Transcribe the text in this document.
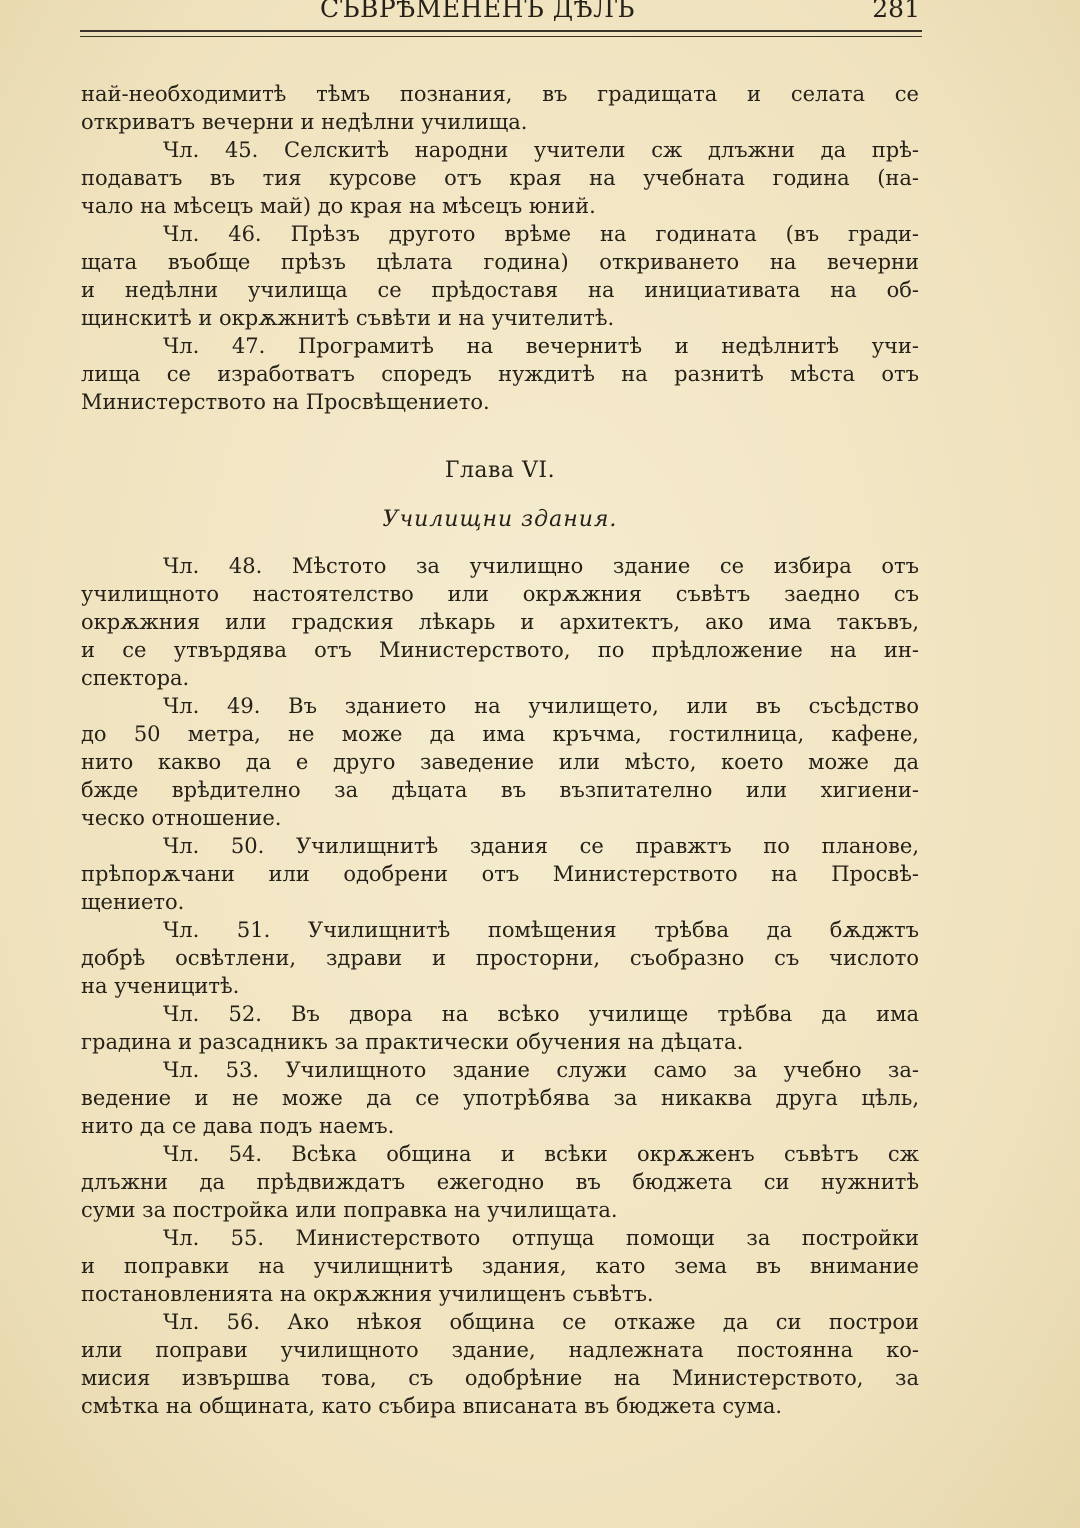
СЪВРѢМЕНЕНЪ ДѢЛЪ	281
най-необходимитѣ тѣмъ познания, въ градищата и селата се
откриватъ вечерни и недѣлни училища.
Чл. 45. Селскитѣ народни учители сж длъжни да прѣ-
подаватъ въ тия курсове отъ края на учебната година (на-
чало на мѣсецъ май) до края на мѣсецъ юний.
Чл. 46. Прѣзъ другото врѣме на годината (въ гради-
щата въобще прѣзъ цѣлата година) откриването на вечерни
и недѣлни училища се прѣдоставя на инициативата на об-
щинскитѣ и окрѫжнитѣ съвѣти и на учителитѣ.
Чл. 47. Програмитѣ на вечернитѣ и недѣлнитѣ учи-
лища се изработватъ споредъ нуждитѣ на разнитѣ мѣста отъ
Министерството на Просвѣщението.
Глава VI.
Училищни здания.
Чл. 48. Мѣстото за училищно здание се избира отъ
училищното настоятелство или окрѫжния съвѣтъ заедно съ
окрѫжния или градския лѣкарь и архитектъ, ако има такъвъ,
и се утвърдява отъ Министерството, по прѣдложение на ин-
спектора.
Чл. 49. Въ зданието на училището, или въ съсѣдство
до 50 метра, не може да има кръчма, гостилница, кафене,
нито какво да е друго заведение или мѣсто, което може да
бжде врѣдително за дѣцата въ възпитателно или хигиени-
ческо отношение.
Чл. 50. Училищнитѣ здания се правжтъ по планове,
прѣпорѫчани или одобрени отъ Министерството на Просвѣ-
щението.
Чл. 51. Училищнитѣ помѣщения трѣбва да бѫджтъ
добрѣ освѣтлени, здрави и просторни, съобразно съ числото
на ученицитѣ.
Чл. 52. Въ двора на всѣко училище трѣбва да има
градина и разсадникъ за практически обучения на дѣцата.
Чл. 53. Училищното здание служи само за учебно за-
ведение и не може да се употрѣбява за никаква друга цѣль,
нито да се дава подъ наемъ.
Чл. 54. Всѣка община и всѣки окрѫженъ съвѣтъ сж
длъжни да прѣдвиждатъ ежегодно въ бюджета си нужнитѣ
суми за постройка или поправка на училищата.
Чл. 55. Министерството отпуща помощи за постройки
и поправки на училищнитѣ здания, като зема въ внимание
постановленията на окрѫжния училищенъ съвѣтъ.
Чл. 56. Ако нѣкоя община се откаже да си построи
или поправи училищното здание, надлежната постоянна ко-
мисия извършва това, съ одобрѣние на Министерството, за
смѣтка на общината, като събира вписаната въ бюджета сума.
